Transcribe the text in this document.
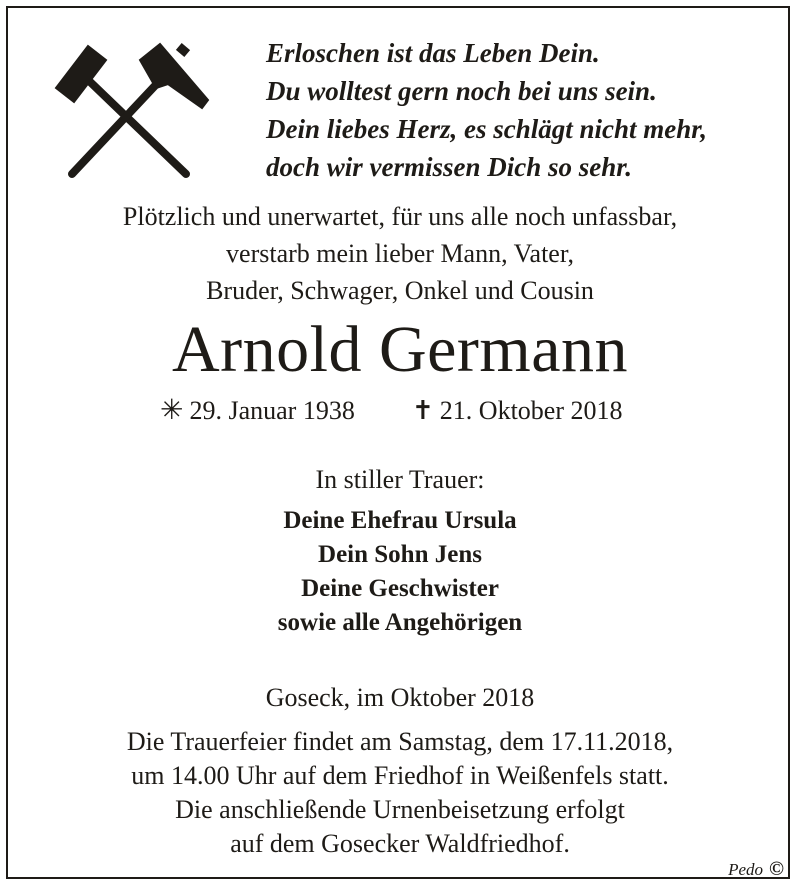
Erloschen ist das Leben Dein.
Du wolltest gern noch bei uns sein.
Dein liebes Herz, es schlägt nicht mehr,
doch wir vermissen Dich so sehr.
Plötzlich und unerwartet, für uns alle noch unfassbar,
verstarb mein lieber Mann, Vater,
Bruder, Schwager, Onkel und Cousin
Arnold Germann
✳ 29. Januar 1938 ✝ 21. Oktober 2018
In stiller Trauer:
Deine Ehefrau Ursula
Dein Sohn Jens
Deine Geschwister
sowie alle Angehörigen
Goseck, im Oktober 2018
Die Trauerfeier findet am Samstag, dem 17.11.2018,
um 14.00 Uhr auf dem Friedhof in Weißenfels statt.
Die anschließende Urnenbeisetzung erfolgt
auf dem Gosecker Waldfriedhof.
Pedo ©
